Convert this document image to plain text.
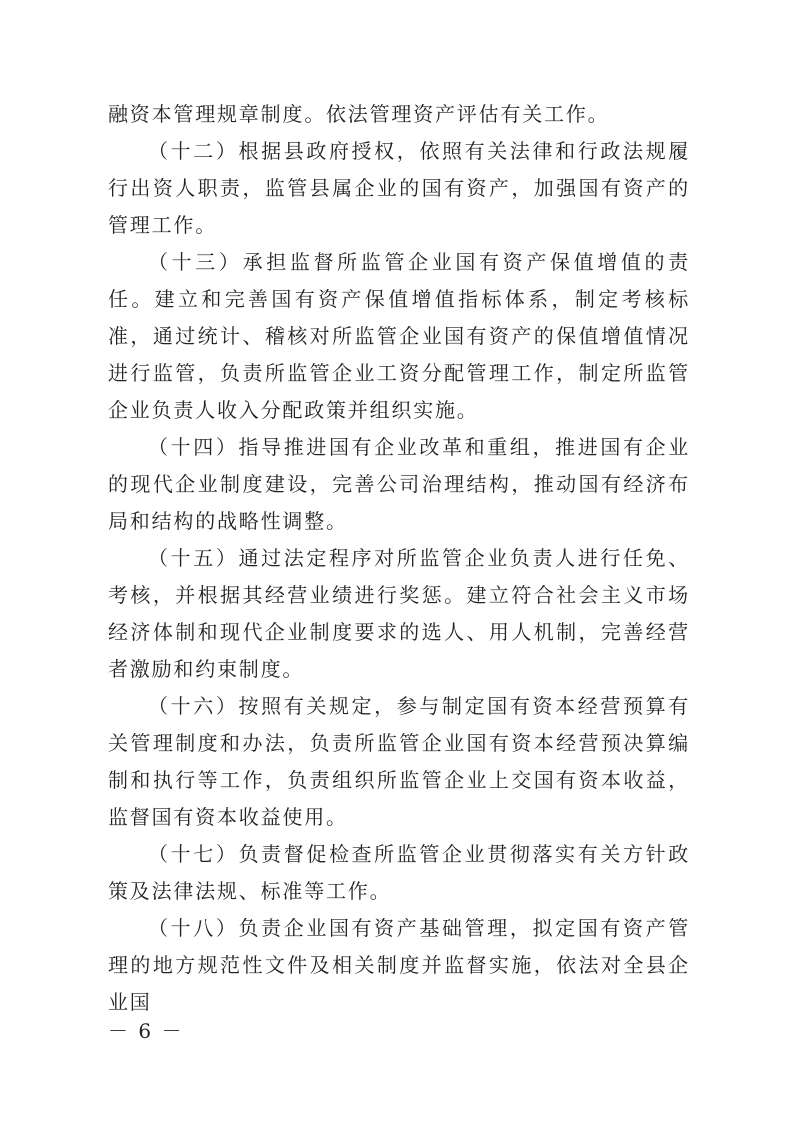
融资本管理规章制度。依法管理资产评估有关工作。

（十二）根据县政府授权，依照有关法律和行政法规履行出资人职责，监管县属企业的国有资产，加强国有资产的管理工作。

（十三）承担监督所监管企业国有资产保值增值的责任。建立和完善国有资产保值增值指标体系，制定考核标准，通过统计、稽核对所监管企业国有资产的保值增值情况进行监管，负责所监管企业工资分配管理工作，制定所监管企业负责人收入分配政策并组织实施。

（十四）指导推进国有企业改革和重组，推进国有企业的现代企业制度建设，完善公司治理结构，推动国有经济布局和结构的战略性调整。

（十五）通过法定程序对所监管企业负责人进行任免、考核，并根据其经营业绩进行奖惩。建立符合社会主义市场经济体制和现代企业制度要求的选人、用人机制，完善经营者激励和约束制度。

（十六）按照有关规定，参与制定国有资本经营预算有关管理制度和办法，负责所监管企业国有资本经营预决算编制和执行等工作，负责组织所监管企业上交国有资本收益，监督国有资本收益使用。

（十七）负责督促检查所监管企业贯彻落实有关方针政策及法律法规、标准等工作。

（十八）负责企业国有资产基础管理，拟定国有资产管理的地方规范性文件及相关制度并监督实施，依法对全县企业国

－ 6 －
